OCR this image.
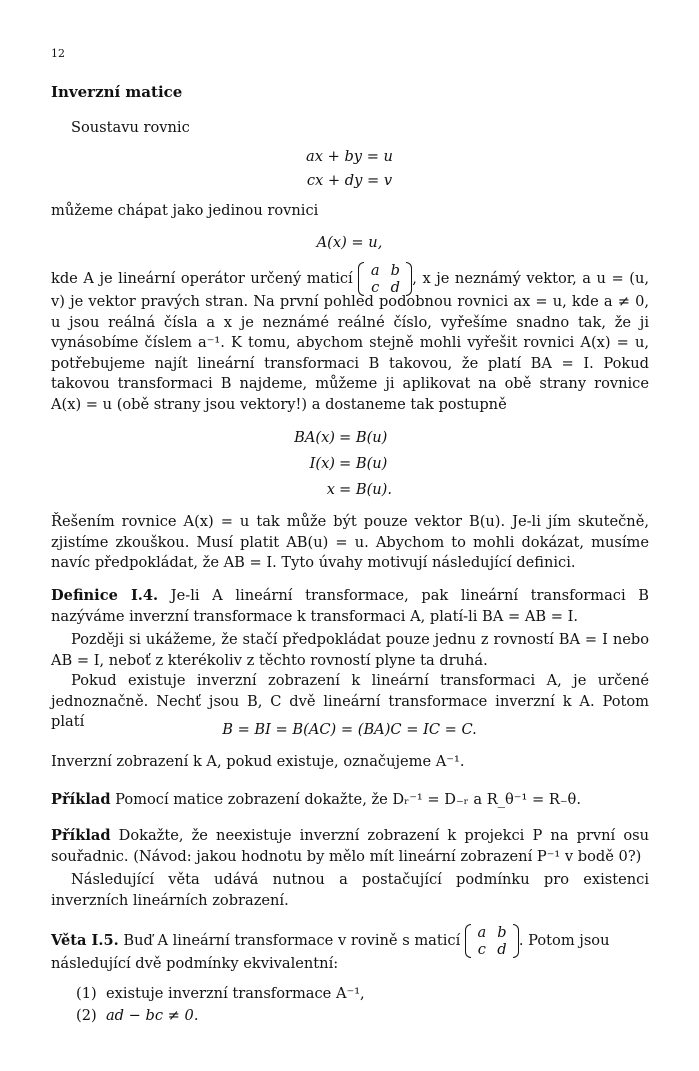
12
Inverzní matice
Soustavu rovnic
ax + by = u
cx + dy = v
můžeme chápat jako jedinou rovnici
A(x) = u,
kde A je lineární operátor určený maticí	a b
c d
, x je neznámý vektor, a u = (u, v) je vektor pravých stran. Na první pohled podobnou rovnici ax = u, kde a ≠ 0, u jsou reálná čísla a x je neznámé reálné číslo, vyřešíme snadno tak, že ji vynásobíme číslem a⁻¹. K tomu, abychom stejně mohli vyřešit rovnici A(x) = u, potřebujeme najít lineární transformaci B takovou, že platí BA = I. Pokud takovou transformaci B najdeme, můžeme ji aplikovat na obě strany rovnice A(x) = u (obě strany jsou vektory!) a dostaneme tak postupně
BA(x) = B(u)
I(x) = B(u)
x = B(u).
Řešením rovnice A(x) = u tak může být pouze vektor B(u). Je-li jím skutečně, zjistíme zkouškou. Musí platit AB(u) = u. Abychom to mohli dokázat, musíme navíc předpokládat, že AB = I. Tyto úvahy motivují následující definici.
Definice I.4. Je-li A lineární transformace, pak lineární transformaci B nazýváme inverzní transformace k transformaci A, platí-li BA = AB = I.
Později si ukážeme, že stačí předpokládat pouze jednu z rovností BA = I nebo AB = I, neboť z kterékoliv z těchto rovností plyne ta druhá.
Pokud existuje inverzní zobrazení k lineární transformaci A, je určené jednoznačně. Nechť jsou B, C dvě lineární transformace inverzní k A. Potom platí	B = BI = B(AC) = (BA)C = IC = C.
Inverzní zobrazení k A, pokud existuje, označujeme A⁻¹.
Příklad Pomocí matice zobrazení dokažte, že Dᵣ⁻¹ = D₋ᵣ a R_θ⁻¹ = R₋θ.
Příklad Dokažte, že neexistuje inverzní zobrazení k projekci P na první osu souřadnic. (Návod: jakou hodnotu by mělo mít lineární zobrazení P⁻¹ v bodě 0?)
Následující věta udává nutnou a postačující podmínku pro existenci inverzních lineárních zobrazení.
Věta I.5. Buď A lineární transformace v rovině s maticí	a b
c d
. Potom jsou
následující dvě podmínky ekvivalentní:
(1) existuje inverzní transformace A⁻¹,
(2) ad − bc ≠ 0.
